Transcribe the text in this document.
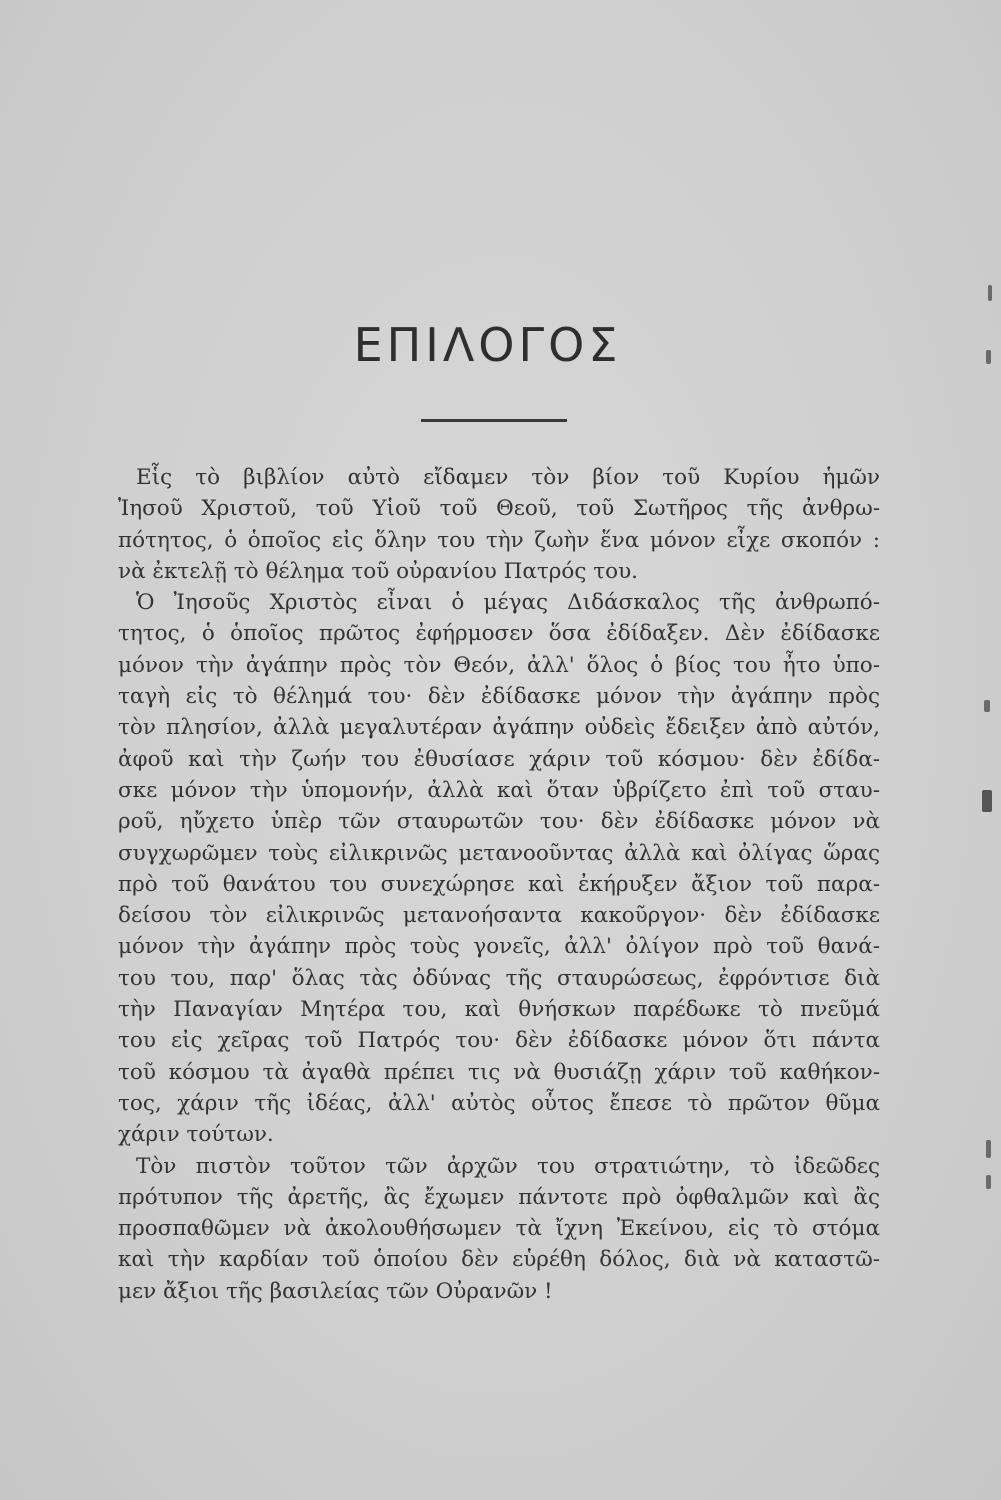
ΕΠΙΛΟΓΟΣ
Εἷς τὸ βιβλίον αὐτὸ εἴδαμεν τὸν βίον τοῦ Κυρίου ἡμῶν
Ἰησοῦ Χριστοῦ, τοῦ Υἱοῦ τοῦ Θεοῦ, τοῦ Σωτῆρος τῆς ἀνθρω-
πότητος, ὁ ὁποῖος εἰς ὅλην του τὴν ζωὴν ἕνα μόνον εἶχε σκοπόν :
νὰ ἐκτελῇ τὸ θέλημα τοῦ οὐρανίου Πατρός του.
Ὁ Ἰησοῦς Χριστὸς εἶναι ὁ μέγας Διδάσκαλος τῆς ἀνθρωπό-
τητος, ὁ ὁποῖος πρῶτος ἐφήρμοσεν ὅσα ἐδίδαξεν. Δὲν ἐδίδασκε
μόνον τὴν ἀγάπην πρὸς τὸν Θεόν, ἀλλ' ὅλος ὁ βίος του ἦτο ὑπο-
ταγὴ εἰς τὸ θέλημά του· δὲν ἐδίδασκε μόνον τὴν ἀγάπην πρὸς
τὸν πλησίον, ἀλλὰ μεγαλυτέραν ἀγάπην οὐδεὶς ἔδειξεν ἀπὸ αὐτόν,
ἀφοῦ καὶ τὴν ζωήν του ἐθυσίασε χάριν τοῦ κόσμου· δὲν ἐδίδα-
σκε μόνον τὴν ὑπομονήν, ἀλλὰ καὶ ὅταν ὑβρίζετο ἐπὶ τοῦ σταυ-
ροῦ, ηὔχετο ὑπὲρ τῶν σταυρωτῶν του· δὲν ἐδίδασκε μόνον νὰ
συγχωρῶμεν τοὺς εἰλικρινῶς μετανοοῦντας ἀλλὰ καὶ ὀλίγας ὥρας
πρὸ τοῦ θανάτου του συνεχώρησε καὶ ἐκήρυξεν ἄξιον τοῦ παρα-
δείσου τὸν εἰλικρινῶς μετανοήσαντα κακοῦργον· δὲν ἐδίδασκε
μόνον τὴν ἀγάπην πρὸς τοὺς γονεῖς, ἀλλ' ὀλίγον πρὸ τοῦ θανά-
του του, παρ' ὅλας τὰς ὀδύνας τῆς σταυρώσεως, ἐφρόντισε διὰ
τὴν Παναγίαν Μητέρα του, καὶ θνήσκων παρέδωκε τὸ πνεῦμά
του εἰς χεῖρας τοῦ Πατρός του· δὲν ἐδίδασκε μόνον ὅτι πάντα
τοῦ κόσμου τὰ ἀγαθὰ πρέπει τις νὰ θυσιάζῃ χάριν τοῦ καθήκον-
τος, χάριν τῆς ἰδέας, ἀλλ' αὐτὸς οὗτος ἔπεσε τὸ πρῶτον θῦμα
χάριν τούτων.
Τὸν πιστὸν τοῦτον τῶν ἀρχῶν του στρατιώτην, τὸ ἰδεῶδες
πρότυπον τῆς ἀρετῆς, ἂς ἔχωμεν πάντοτε πρὸ ὀφθαλμῶν καὶ ἂς
προσπαθῶμεν νὰ ἀκολουθήσωμεν τὰ ἴχνη Ἐκείνου, εἰς τὸ στόμα
καὶ τὴν καρδίαν τοῦ ὁποίου δὲν εὑρέθη δόλος, διὰ νὰ καταστῶ-
μεν ἄξιοι τῆς βασιλείας τῶν Οὐρανῶν !
